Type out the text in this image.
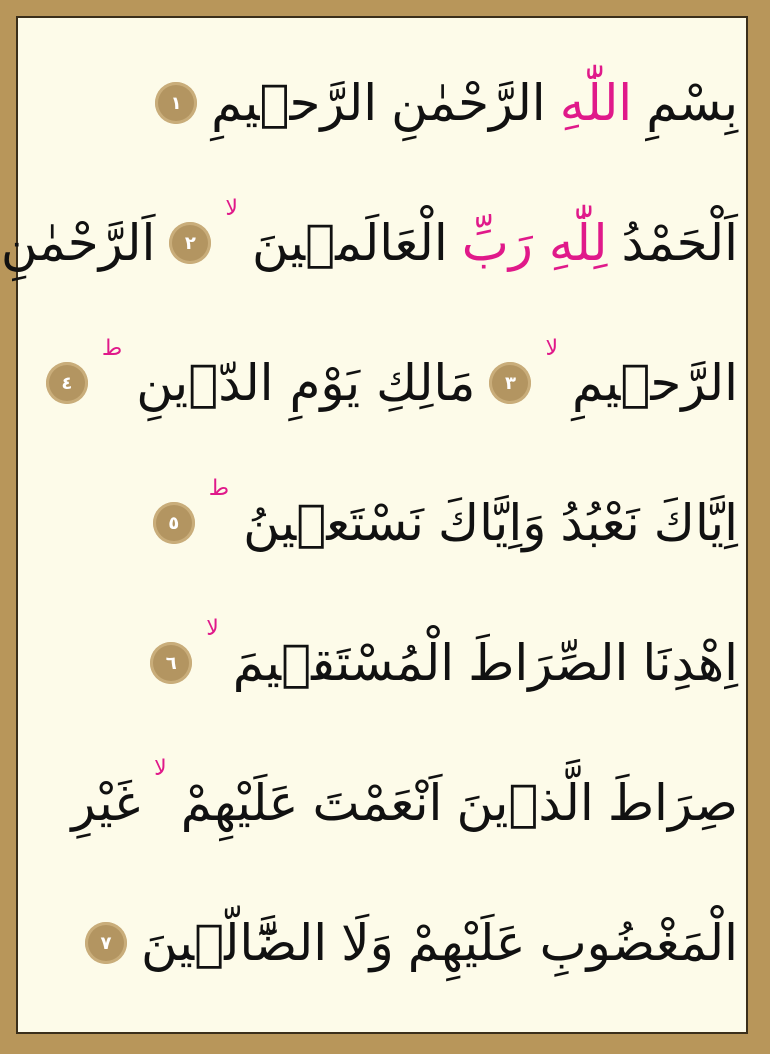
بِسْمِ
اللّٰهِ
الرَّحْمٰنِ
الرَّح۪يمِ
١
اَلْحَمْدُ
لِلّٰهِ رَبِّ
الْعَالَم۪ينَ
لا
٢
اَلرَّحْمٰنِ
الرَّح۪يمِ
لا
٣
مَالِكِ يَوْمِ الدّ۪ينِ
ط
٤
اِيَّاكَ
نَعْبُدُ
وَاِيَّاكَ
نَسْتَع۪ينُ
ط
٥
اِهْدِنَا
الصِّرَاطَ
الْمُسْتَق۪يمَ
لا
٦
صِرَاطَ
الَّذ۪ينَ
اَنْعَمْتَ
عَلَيْهِمْ
لا
غَيْرِ
الْمَغْضُوبِ
عَلَيْهِمْ
وَلَا
الضَّٓالّ۪ينَ
٧
